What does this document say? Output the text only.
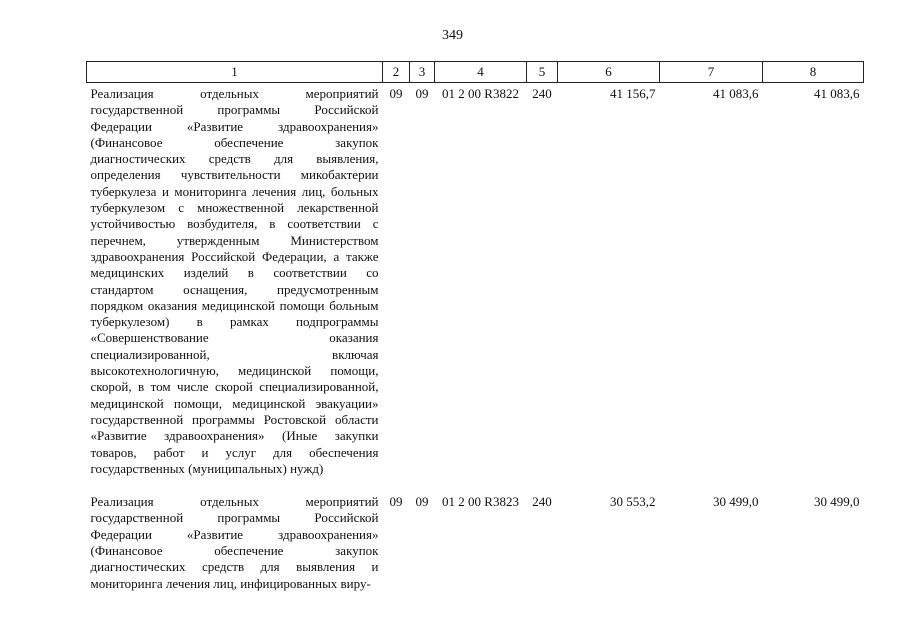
349
1	2	3	4	5	6	7	8
Реализация отдельных мероприятий государственной программы Российской Федерации «Развитие здравоохранения» (Финансовое обеспечение закупок диагностических средств для выявления, определения чувствительности микобактерии туберкулеза и мониторинга лечения лиц, больных туберкулезом с множественной лекарственной устойчивостью возбудителя, в соответствии с перечнем, утвержденным Министерством здравоохранения Российской Федерации, а также медицинских изделий в соответствии со стандартом оснащения, предусмотренным порядком оказания медицинской помощи больным туберкулезом) в рамках подпрограммы «Совершенствование оказания специализированной, включая высокотехнологичную, медицинской помощи, скорой, в том числе скорой специализированной, медицинской помощи, медицинской эвакуации» государственной программы Ростовской области «Развитие здравоохранения» (Иные закупки товаров, работ и услуг для обеспечения государственных (муниципальных) нужд)	09	09	01 2 00 R3822	240	41 156,7	41 083,6	41 083,6
Реализация отдельных мероприятий государственной программы Российской Федерации «Развитие здравоохранения» (Финансовое обеспечение закупок диагностических средств для выявления и мониторинга лечения лиц, инфицированных виру-	09	09	01 2 00 R3823	240	30 553,2	30 499,0	30 499,0
